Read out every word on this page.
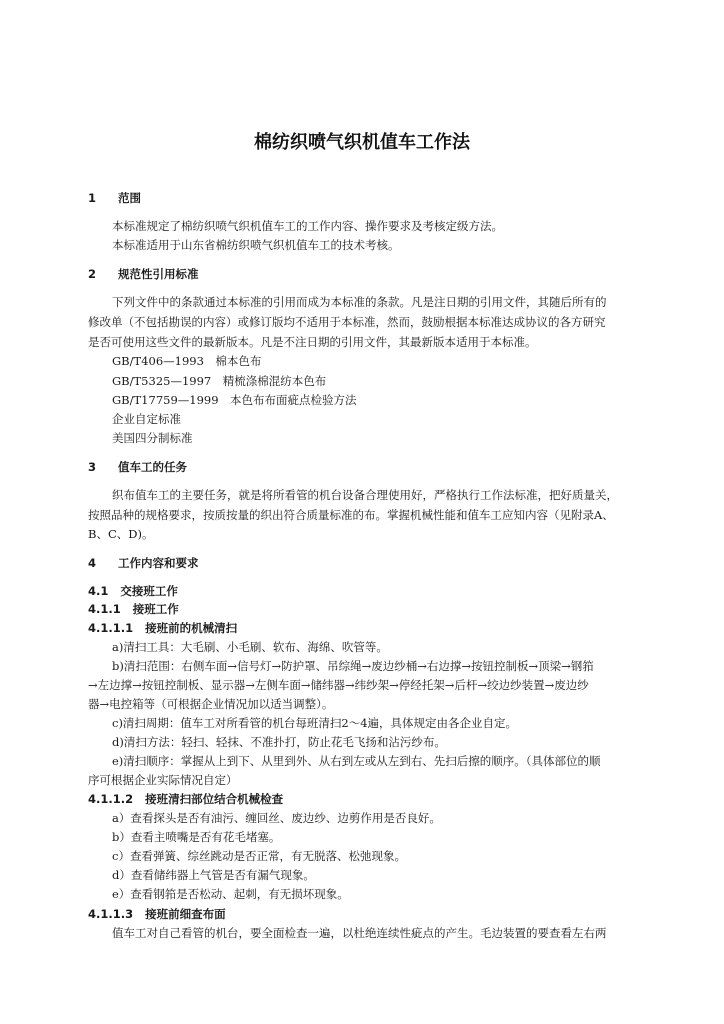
棉纺织喷气织机值车工作法
1 范围
本标准规定了棉纺织喷气织机值车工的工作内容、操作要求及考核定级方法。
本标准适用于山东省棉纺织喷气织机值车工的技术考核。
2 规范性引用标准
下列文件中的条款通过本标准的引用而成为本标准的条款。凡是注日期的引用文件，其随后所有的
修改单（不包括勘误的内容）或修订版均不适用于本标准，然而，鼓励根据本标准达成协议的各方研究
是否可使用这些文件的最新版本。凡是不注日期的引用文件，其最新版本适用于本标准。
GB/T406—1993　棉本色布
GB/T5325—1997　精梳涤棉混纺本色布
GB/T17759—1999　本色布布面疵点检验方法
企业自定标准
美国四分制标准
3 值车工的任务
织布值车工的主要任务，就是将所看管的机台设备合理使用好，严格执行工作法标准，把好质量关，
按照品种的规格要求，按质按量的织出符合质量标准的布。掌握机械性能和值车工应知内容（见附录A、
B、C、D)。
4 工作内容和要求
4.1 交接班工作
4.1.1 接班工作
4.1.1.1 接班前的机械清扫
a)清扫工具：大毛刷、小毛刷、软布、海绵、吹管等。
b)清扫范围：右侧车面→信号灯→防护罩、吊综绳→废边纱桶→右边撑→按钮控制板→顶梁→钢筘
→左边撑→按钮控制板、显示器→左侧车面→储纬器→纬纱架→停经托架→后杆→绞边纱装置→废边纱
器→电控箱等（可根据企业情况加以适当调整）。
c)清扫周期：值车工对所看管的机台每班清扫2～4遍，具体规定由各企业自定。
d)清扫方法：轻扫、轻抹、不准扑打，防止花毛飞扬和沾污纱布。
e)清扫顺序：掌握从上到下、从里到外、从右到左或从左到右、先扫后擦的顺序。（具体部位的顺
序可根据企业实际情况自定）
4.1.1.2 接班清扫部位结合机械检查
a）查看探头是否有油污、缠回丝、废边纱、边剪作用是否良好。
b）查看主喷嘴是否有花毛堵塞。
c）查看弹簧、综丝跳动是否正常，有无脱落、松弛现象。
d）查看储纬器上气管是否有漏气现象。
e）查看钢筘是否松动、起刺，有无损坏现象。
4.1.1.3 接班前细查布面
值车工对自己看管的机台，要全面检查一遍，以杜绝连续性疵点的产生。毛边装置的要查看左右两
